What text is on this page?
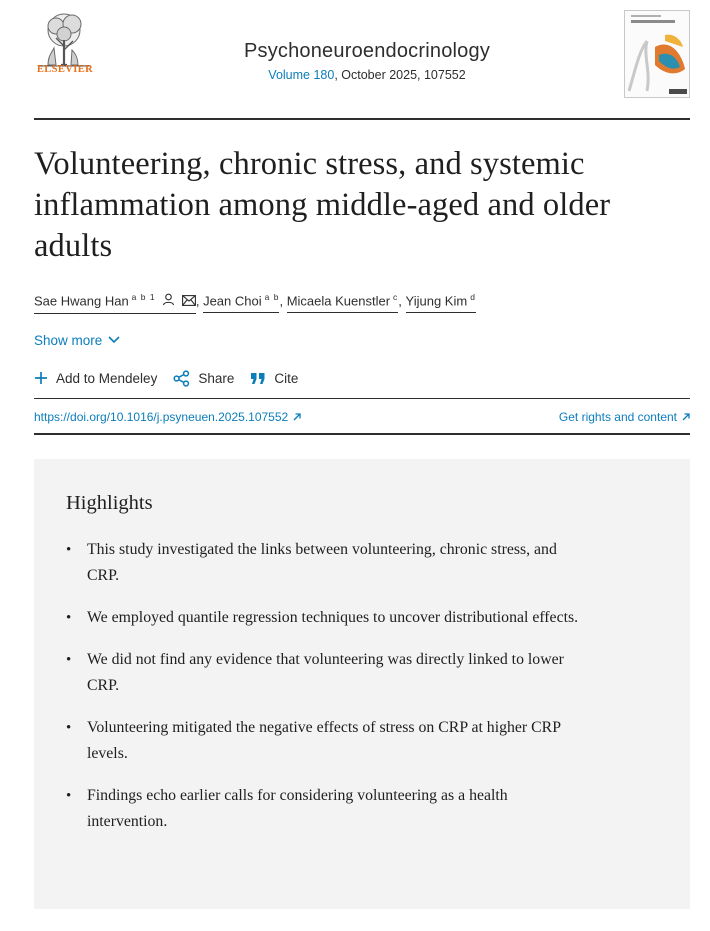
ELSEVIER
Psychoneuroendocrinology
Volume 180, October 2025, 107552
Volunteering, chronic stress, and systemic inflammation among middle-aged and older adults
Sae Hwang Han $^{a b 1}$	, Jean Choi $^{a b}$, Micaela Kuenstler $^c$, Yijung Kim $^d$
Show more
Add to Mendeley	Share	Cite
https://doi.org/10.1016/j.psyneuen.2025.107552	Get rights and content
Highlights
• This study investigated the links between volunteering, chronic stress, and CRP.
• We employed quantile regression techniques to uncover distributional effects.
• We did not find any evidence that volunteering was directly linked to lower CRP.
• Volunteering mitigated the negative effects of stress on CRP at higher CRP levels.
• Findings echo earlier calls for considering volunteering as a health intervention.
